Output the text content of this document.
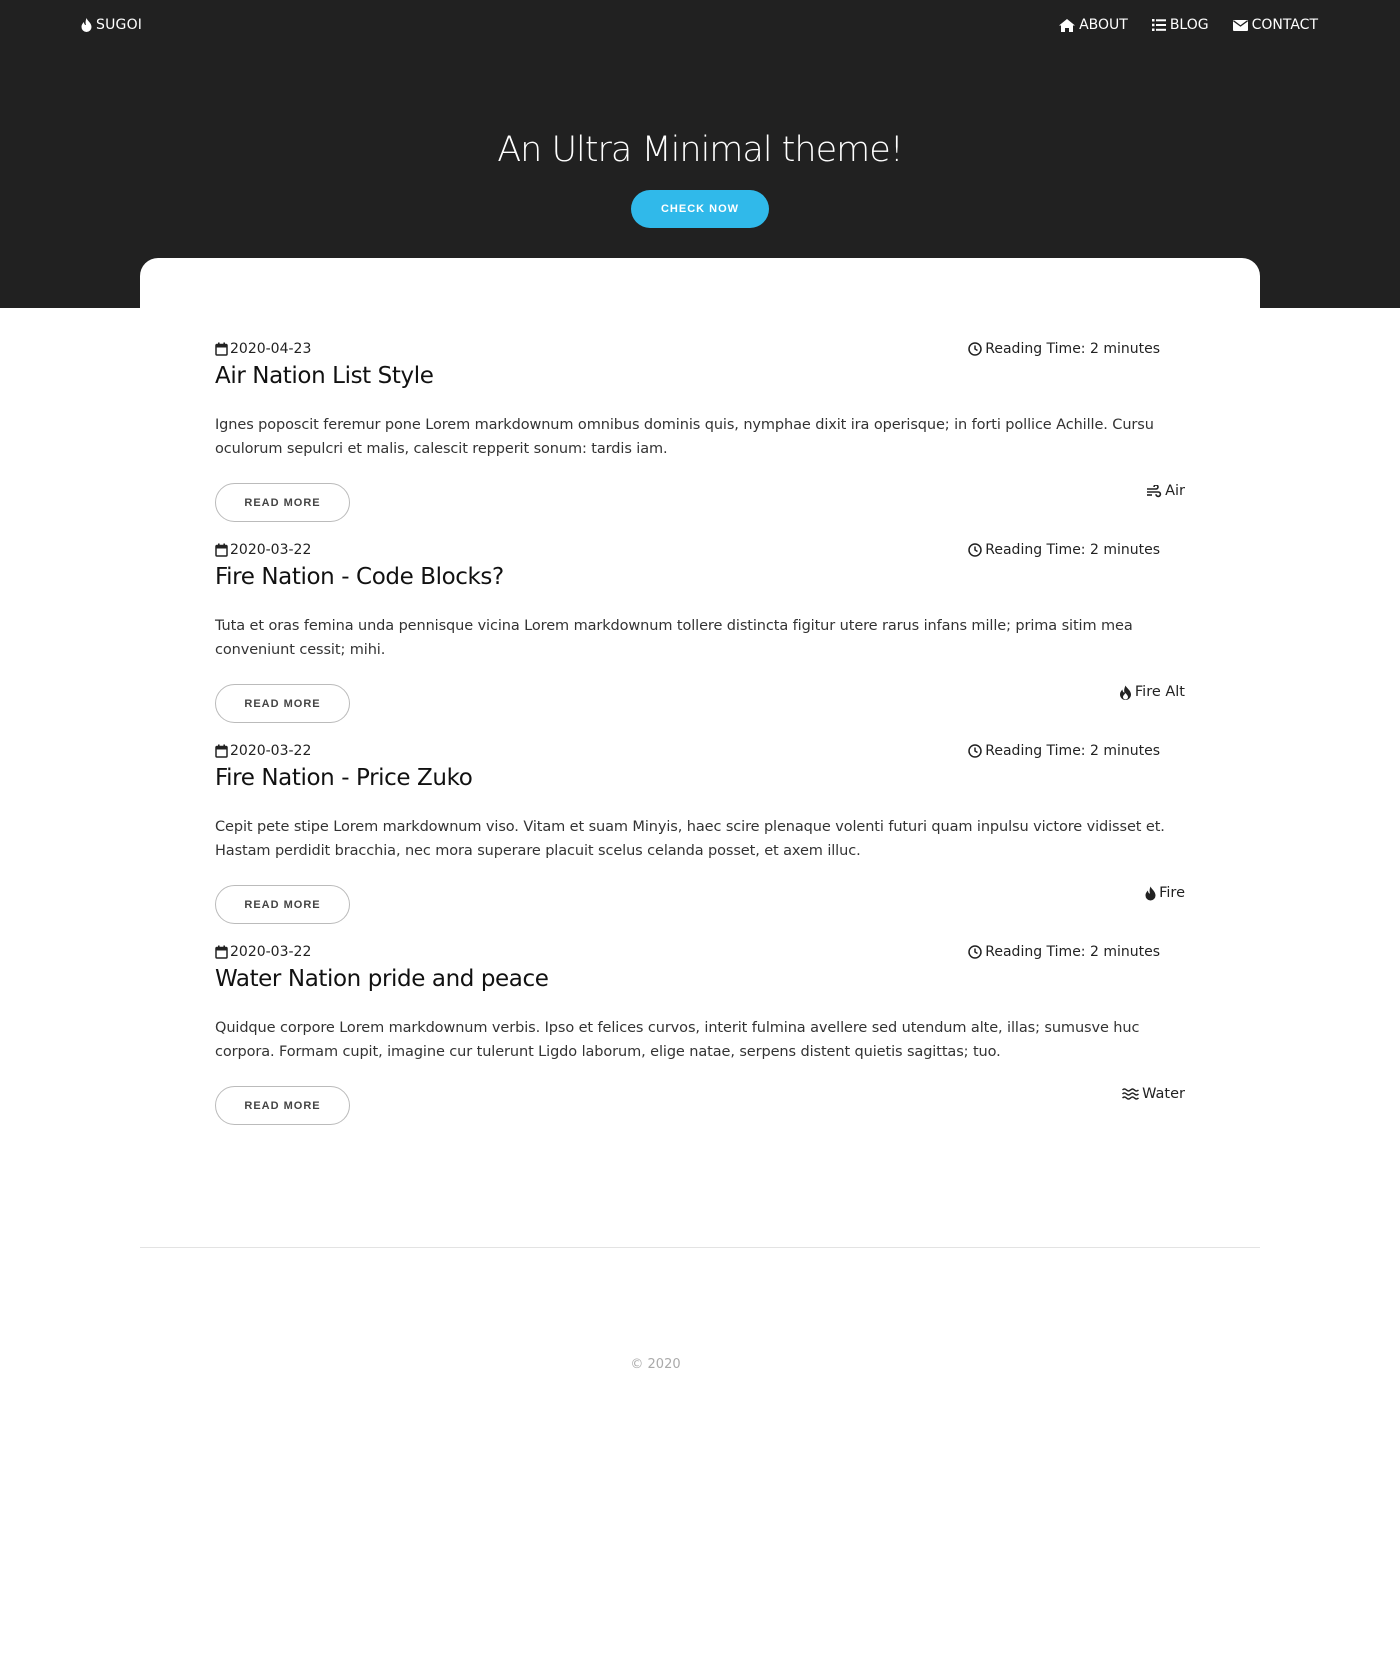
SUGOI	ABOUT	BLOG	CONTACT
An Ultra Minimal theme!
CHECK NOW
2020-04-23	Reading Time: 2 minutes
Air Nation List Style

Ignes poposcit feremur pone Lorem markdownum omnibus dominis quis, nymphae dixit ira operisque; in forti pollice Achille. Cursu oculorum sepulcri et malis, calescit repperit sonum: tardis iam.

READ MORE
Air
2020-03-22	Reading Time: 2 minutes
Fire Nation - Code Blocks?

Tuta et oras femina unda pennisque vicina Lorem markdownum tollere distincta figitur utere rarus infans mille; prima sitim mea conveniunt cessit; mihi.

READ MORE
Fire Alt
2020-03-22	Reading Time: 2 minutes
Fire Nation - Price Zuko

Cepit pete stipe Lorem markdownum viso. Vitam et suam Minyis, haec scire plenaque volenti futuri quam inpulsu victore vidisset et. Hastam perdidit bracchia, nec mora superare placuit scelus celanda posset, et axem illuc.

READ MORE
Fire
2020-03-22	Reading Time: 2 minutes
Water Nation pride and peace

Quidque corpore Lorem markdownum verbis. Ipso et felices curvos, interit fulmina avellere sed utendum alte, illas; sumusve huc corpora. Formam cupit, imagine cur tulerunt Ligdo laborum, elige natae, serpens distent quietis sagittas; tuo.

READ MORE
Water
© 2020
